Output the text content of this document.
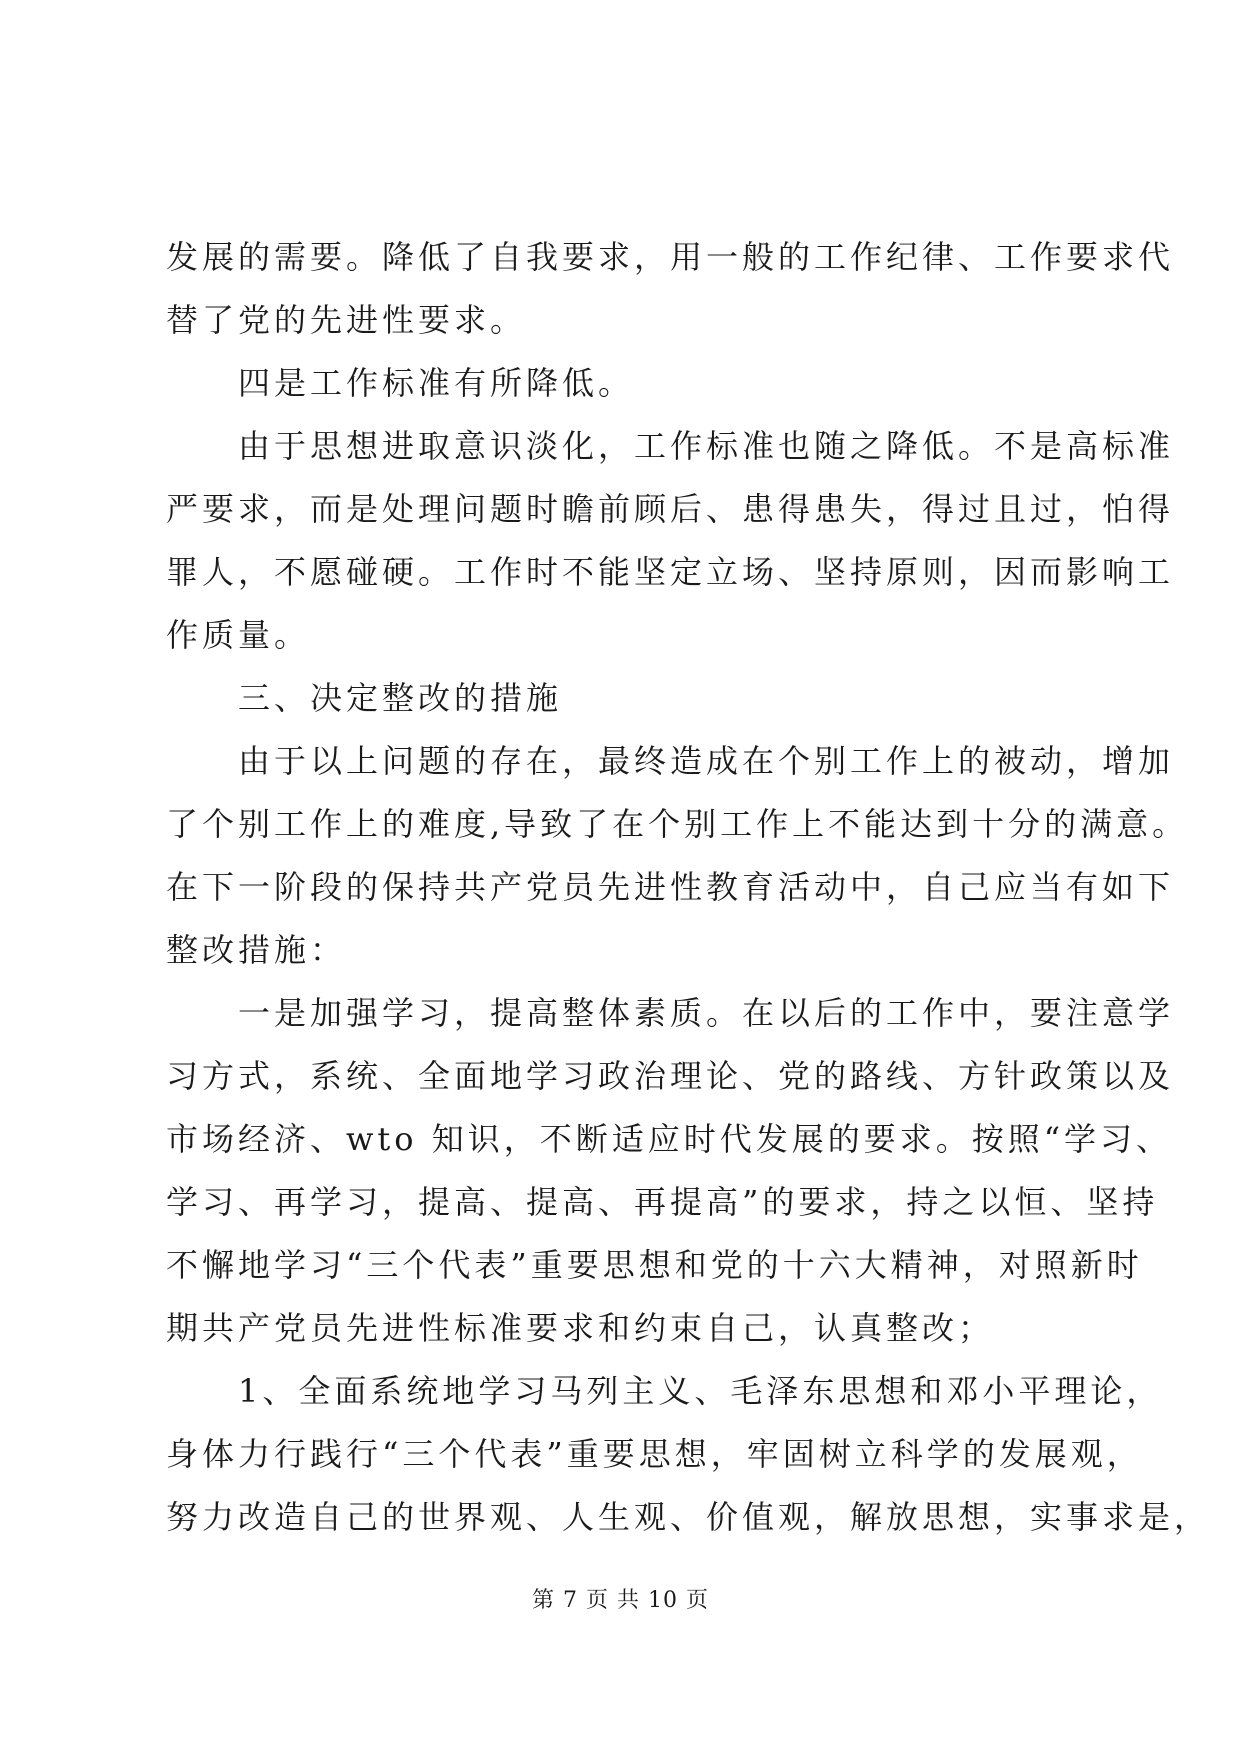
发展的需要。降低了自我要求，用一般的工作纪律、工作要求代
替了党的先进性要求。
　　四是工作标准有所降低。
　　由于思想进取意识淡化，工作标准也随之降低。不是高标准
严要求，而是处理问题时瞻前顾后、患得患失，得过且过，怕得
罪人，不愿碰硬。工作时不能坚定立场、坚持原则，因而影响工
作质量。
　　三、决定整改的措施
　　由于以上问题的存在，最终造成在个别工作上的被动，增加
了个别工作上的难度,导致了在个别工作上不能达到十分的满意。
在下一阶段的保持共产党员先进性教育活动中，自己应当有如下
整改措施：
　　一是加强学习，提高整体素质。在以后的工作中，要注意学
习方式，系统、全面地学习政治理论、党的路线、方针政策以及
市场经济、wto 知识，不断适应时代发展的要求。按照“学习、
学习、再学习，提高、提高、再提高”的要求，持之以恒、坚持
不懈地学习“三个代表”重要思想和党的十六大精神，对照新时
期共产党员先进性标准要求和约束自己，认真整改；
　　1、全面系统地学习马列主义、毛泽东思想和邓小平理论，
身体力行践行“三个代表”重要思想，牢固树立科学的发展观，
努力改造自己的世界观、人生观、价值观，解放思想，实事求是，
第 7 页 共 10 页
